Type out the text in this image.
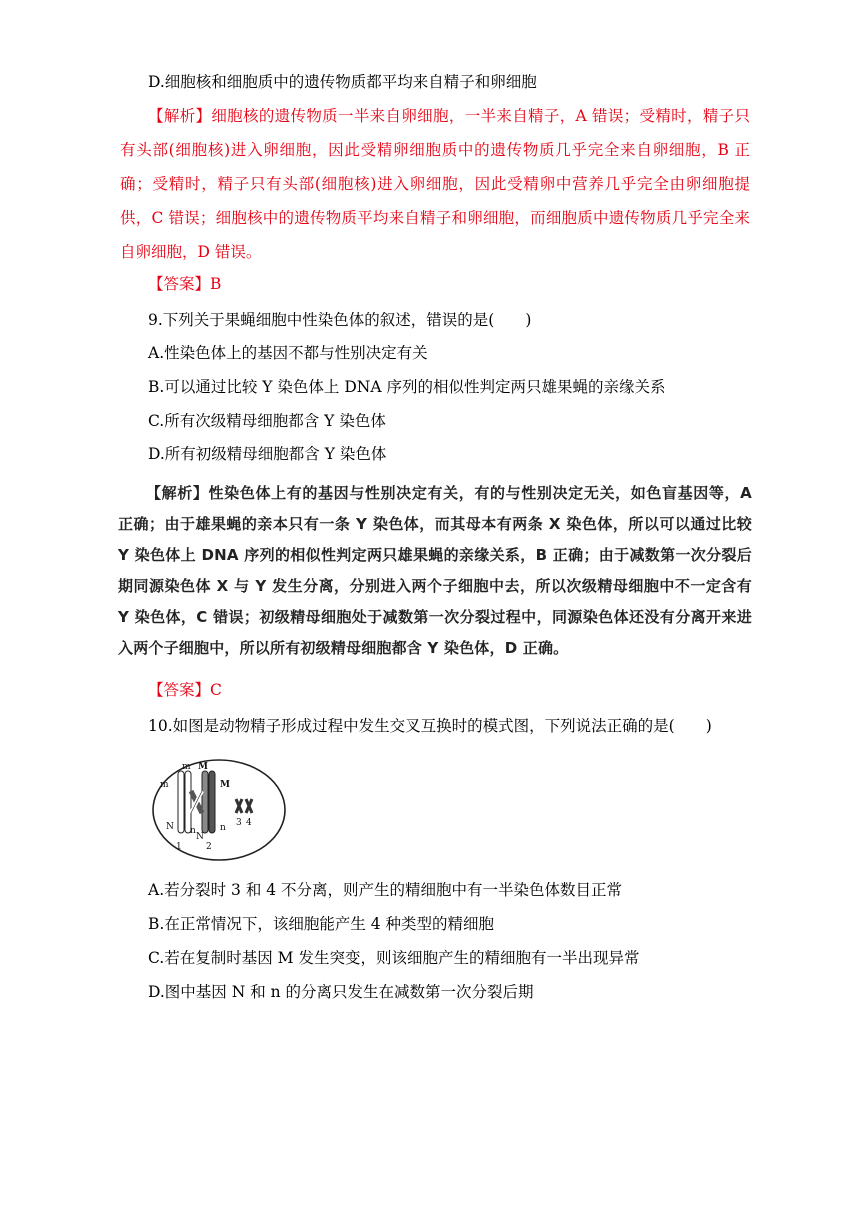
D.细胞核和细胞质中的遗传物质都平均来自精子和卵细胞
【解析】细胞核的遗传物质一半来自卵细胞，一半来自精子，A 错误；受精时，精子只有头部(细胞核)进入卵细胞，因此受精卵细胞质中的遗传物质几乎完全来自卵细胞，B 正确；受精时，精子只有头部(细胞核)进入卵细胞，因此受精卵中营养几乎完全由卵细胞提供，C 错误；细胞核中的遗传物质平均来自精子和卵细胞，而细胞质中遗传物质几乎完全来自卵细胞，D 错误。
【答案】B
9.下列关于果蝇细胞中性染色体的叙述，错误的是(　　)
A.性染色体上的基因不都与性别决定有关
B.可以通过比较 Y 染色体上 DNA 序列的相似性判定两只雄果蝇的亲缘关系
C.所有次级精母细胞都含 Y 染色体
D.所有初级精母细胞都含 Y 染色体
【解析】性染色体上有的基因与性别决定有关，有的与性别决定无关，如色盲基因等，A 正确；由于雄果蝇的亲本只有一条 Y 染色体，而其母本有两条 X 染色体，所以可以通过比较 Y 染色体上 DNA 序列的相似性判定两只雄果蝇的亲缘关系，B 正确；由于减数第一次分裂后期同源染色体 X 与 Y 发生分离，分别进入两个子细胞中去，所以次级精母细胞中不一定含有 Y 染色体，C 错误；初级精母细胞处于减数第一次分裂过程中，同源染色体还没有分离开来进入两个子细胞中，所以所有初级精母细胞都含 Y 染色体，D 正确。
【答案】C
10.如图是动物精子形成过程中发生交叉互换时的模式图，下列说法正确的是(　　)
m
m M
M
N n
N
n
1	2
3 4
A.若分裂时 3 和 4 不分离，则产生的精细胞中有一半染色体数目正常
B.在正常情况下，该细胞能产生 4 种类型的精细胞
C.若在复制时基因 M 发生突变，则该细胞产生的精细胞有一半出现异常
D.图中基因 N 和 n 的分离只发生在减数第一次分裂后期
